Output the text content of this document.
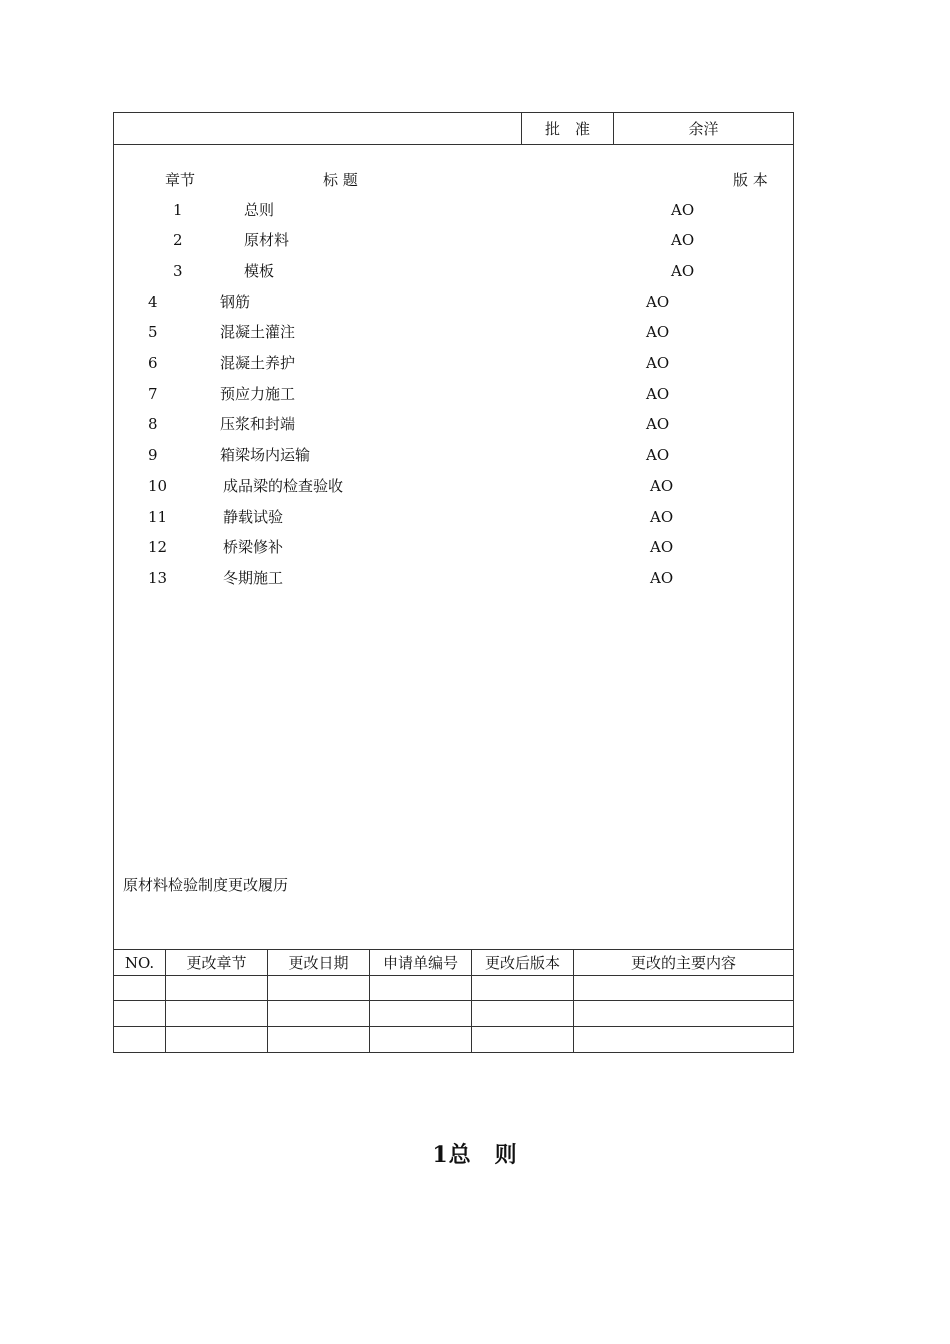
批　准	余洋
章节	标 题	版 本
1	总则	AO
2	原材料	AO
3	模板	AO
4	钢筋	AO
5	混凝土灌注	AO
6	混凝土养护	AO
7	预应力施工	AO
8	压浆和封端	AO
9	箱梁场内运输	AO
10	成品梁的检查验收	AO
11	静载试验	AO
12	桥梁修补	AO
13	冬期施工	AO
原材料检验制度更改履历
NO.	更改章节	更改日期	申请单编号	更改后版本	更改的主要内容
1总　则
